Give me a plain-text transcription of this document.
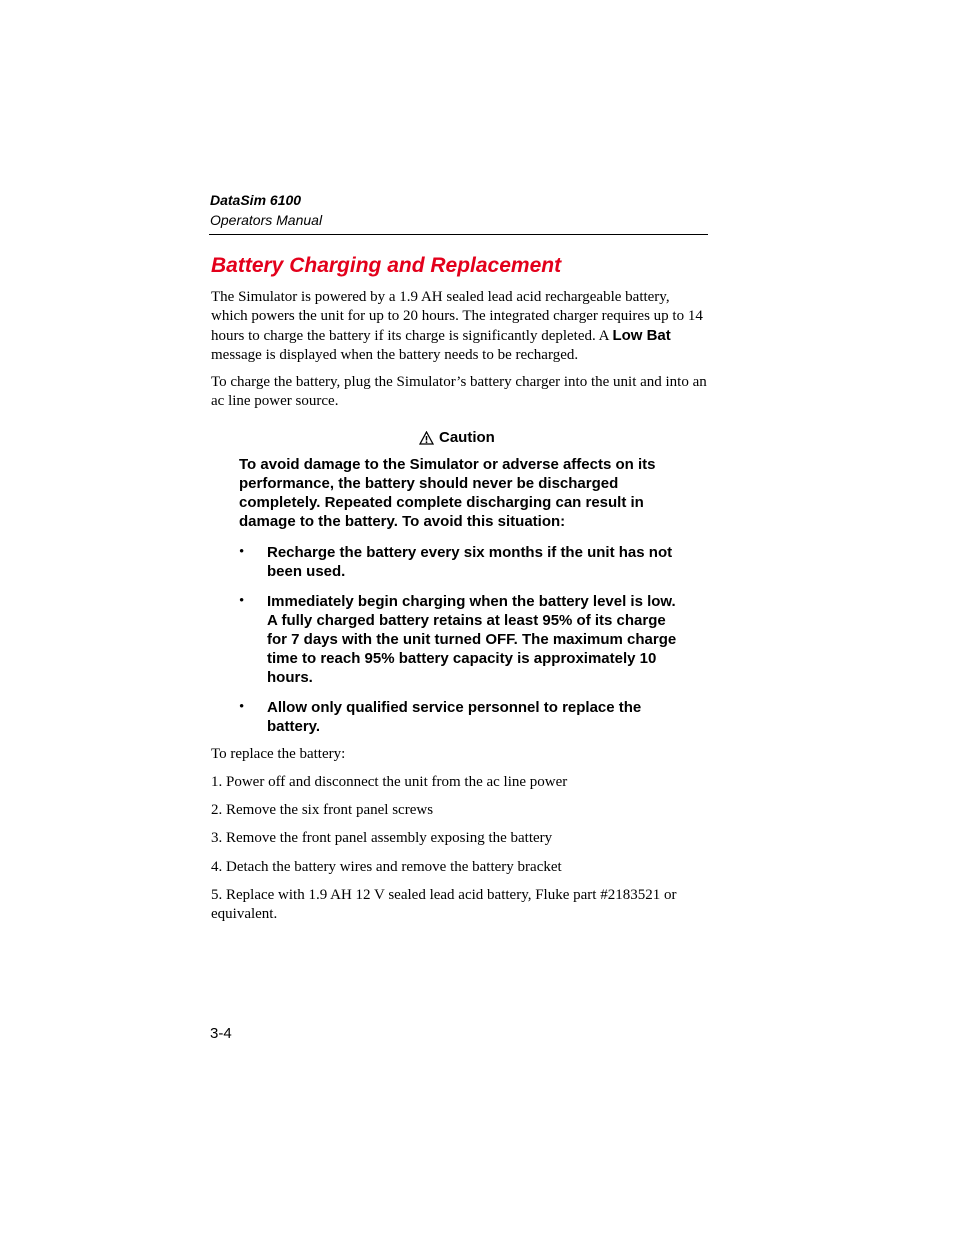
DataSim 6100
Operators Manual
Battery Charging and Replacement
The Simulator is powered by a 1.9 AH sealed lead acid rechargeable battery, which powers the unit for up to 20 hours. The integrated charger requires up to 14 hours to charge the battery if its charge is significantly depleted. A Low Bat message is displayed when the battery needs to be recharged.
To charge the battery, plug the Simulator’s battery charger into the unit and into an ac line power source.
Caution
To avoid damage to the Simulator or adverse affects on its performance, the battery should never be discharged completely. Repeated complete discharging can result in damage to the battery. To avoid this situation:
• Recharge the battery every six months if the unit has not been used.
• Immediately begin charging when the battery level is low. A fully charged battery retains at least 95% of its charge for 7 days with the unit turned OFF. The maximum charge time to reach 95% battery capacity is approximately 10 hours.
• Allow only qualified service personnel to replace the battery.
To replace the battery:
1. Power off and disconnect the unit from the ac line power
2. Remove the six front panel screws
3. Remove the front panel assembly exposing the battery
4. Detach the battery wires and remove the battery bracket
5. Replace with 1.9 AH 12 V sealed lead acid battery, Fluke part #2183521 or equivalent.
3-4
